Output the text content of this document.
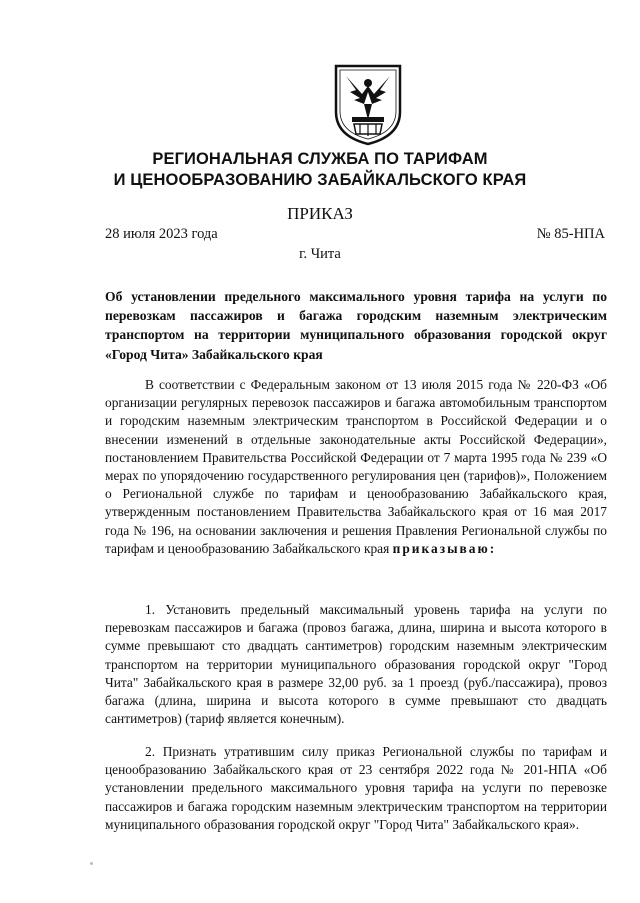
РЕГИОНАЛЬНАЯ СЛУЖБА ПО ТАРИФАМ
И ЦЕНООБРАЗОВАНИЮ ЗАБАЙКАЛЬСКОГО КРАЯ
ПРИКАЗ
28 июля 2023 года	№ 85-НПА
г. Чита
Об установлении предельного максимального уровня тарифа на услуги по перевозкам пассажиров и багажа городским наземным электрическим транспортом на территории муниципального образования городской округ «Город Чита» Забайкальского края

В соответствии с Федеральным законом от 13 июля 2015 года № 220-ФЗ «Об организации регулярных перевозок пассажиров и багажа автомобильным транспортом и городским наземным электрическим транспортом в Российской Федерации и о внесении изменений в отдельные законодательные акты Российской Федерации», постановлением Правительства Российской Федерации от 7 марта 1995 года № 239 «О мерах по упорядочению государственного регулирования цен (тарифов)», Положением о Региональной службе по тарифам и ценообразованию Забайкальского края, утвержденным постановлением Правительства Забайкальского края от 16 мая 2017 года № 196, на основании заключения и решения Правления Региональной службы по тарифам и ценообразованию Забайкальского края приказываю:

1. Установить предельный максимальный уровень тарифа на услуги по перевозкам пассажиров и багажа (провоз багажа, длина, ширина и высота которого в сумме превышают сто двадцать сантиметров) городским наземным электрическим транспортом на территории муниципального образования городской округ "Город Чита" Забайкальского края в размере 32,00 руб. за 1 проезд (руб./пассажира), провоз багажа (длина, ширина и высота которого в сумме превышают сто двадцать сантиметров) (тариф является конечным).

2. Признать утратившим силу приказ Региональной службы по тарифам и ценообразованию Забайкальского края от 23 сентября 2022 года № 201-НПА «Об установлении предельного максимального уровня тарифа на услуги по перевозке пассажиров и багажа городским наземным электрическим транспортом на территории муниципального образования городской округ "Город Чита" Забайкальского края».
